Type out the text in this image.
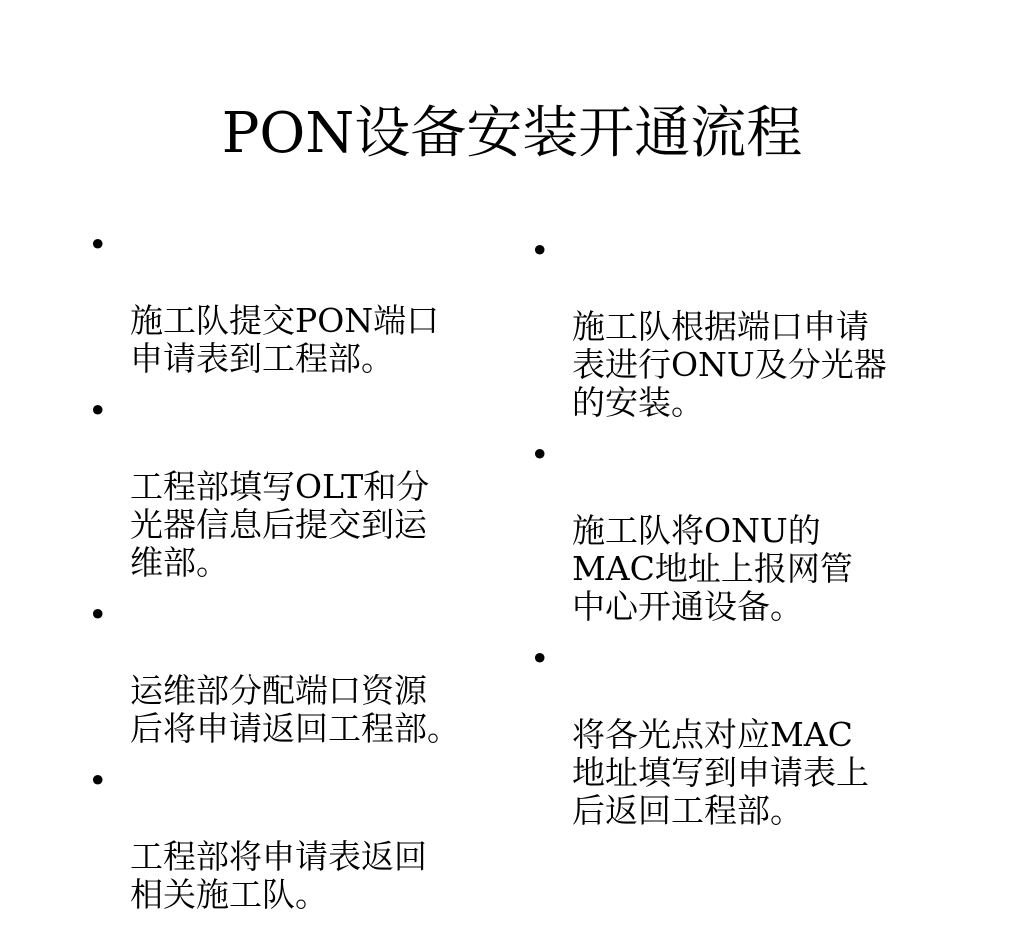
PON设备安装开通流程

•

施工队提交PON端口
申请表到工程部。

•

工程部填写OLT和分
光器信息后提交到运
维部。

•

运维部分配端口资源
后将申请返回工程部。

•

工程部将申请表返回
相关施工队。

•

施工队根据端口申请
表进行ONU及分光器
的安装。

•

施工队将ONU的
MAC地址上报网管
中心开通设备。

•

将各光点对应MAC
地址填写到申请表上
后返回工程部。
